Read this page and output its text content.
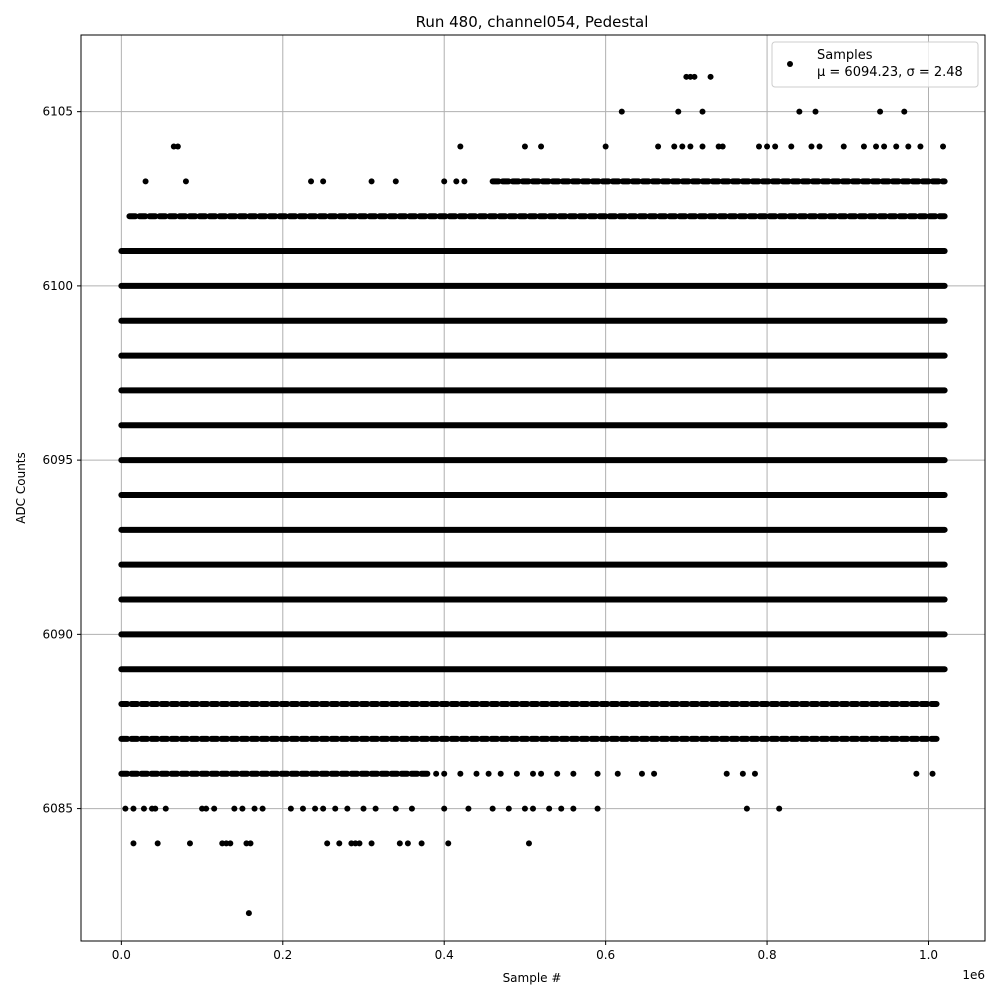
Run 480, channel054, Pedestal
0.0	0.2	0.4	0.6	0.8	1.0
6085
6090
6095
6100
6105
1e6
Sample #
ADC Counts
Samples
μ = 6094.23, σ = 2.48
